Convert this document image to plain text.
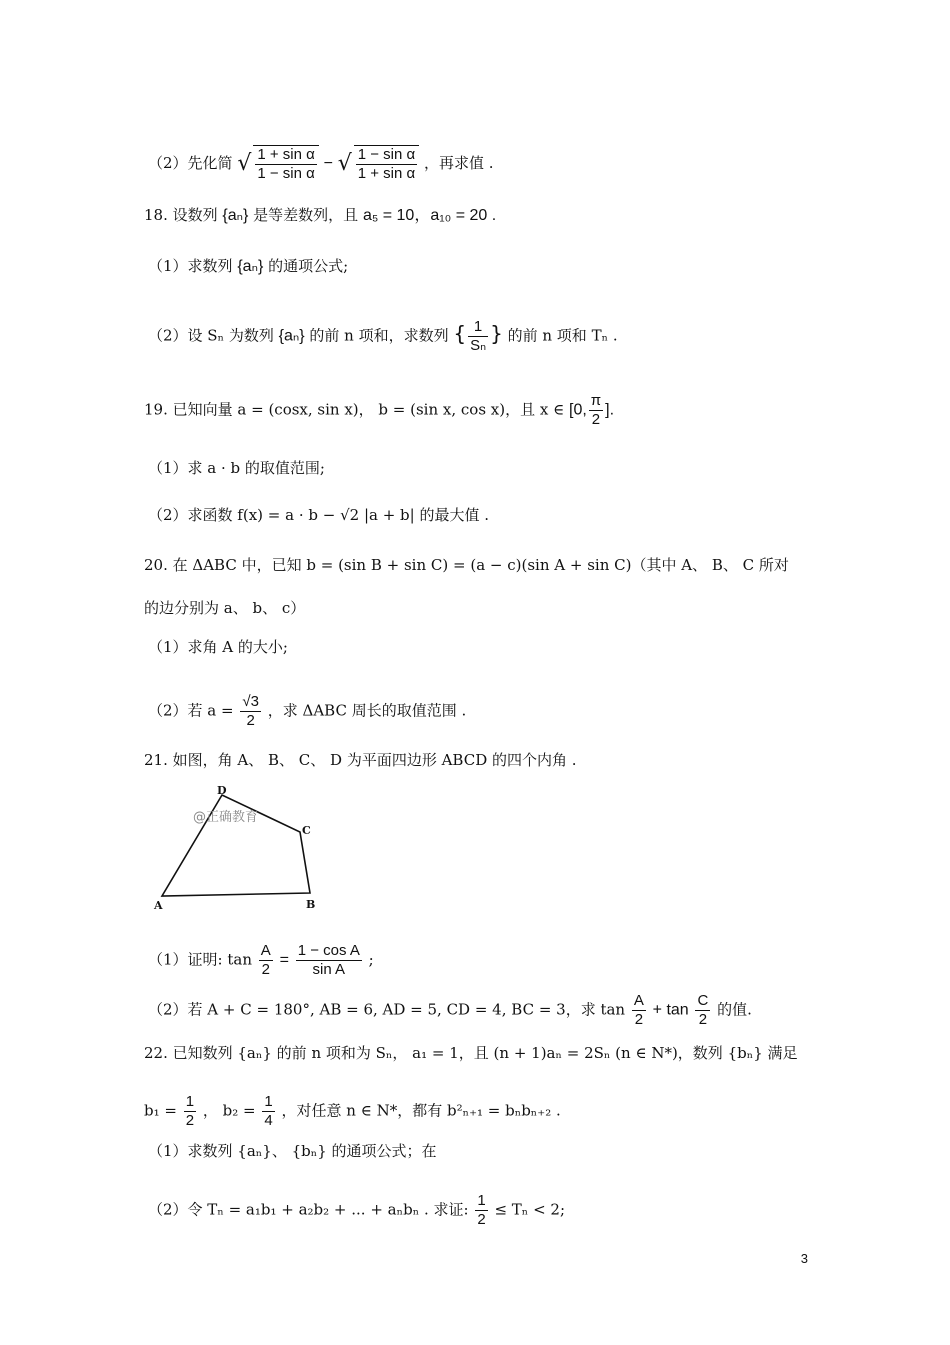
（2）先化简 √ $\frac{\text{1 + sin α}}{\text{1 − sin α}}$ − √ $\frac{\text{1 − sin α}}{\text{1 + sin α}}$ ，再求值 .
18. 设数列 {aₙ} 是等差数列，且 a₅ = 10，a₁₀ = 20 .
（1）求数列 {aₙ} 的通项公式;
（2）设 Sₙ 为数列 {aₙ} 的前 n 项和，求数列 { $\frac{1}{\text{Sₙ}}$ } 的前 n 项和 Tₙ .
19. 已知向量 a = (cosx, sin x)， b = (sin x, cos x)，且 x ∈ [0, $\frac{\pi}{2}$ ].
（1）求 a · b 的取值范围;
（2）求函数 f(x) = a · b − √2 |a + b| 的最大值 .
20. 在 ΔABC 中，已知 b = (sin B + sin C) = (a − c)(sin A + sin C)（其中 A、 B、 C 所对
的边分别为 a、 b、 c）
（1）求角 A 的大小;
（2）若 $a = \frac{√3}{2}$ ，求 ΔABC 周长的取值范围 .
21. 如图，角 A、 B、 C、 D 为平面四边形 ABCD 的四个内角 .
@正确教育
D
C
A	B
（1）证明: $\tan \frac{A}{2} = \frac{\text{1 − cos A}}{\text{sin A}}$ ;
（2）若 A + C = 180°, AB = 6, AD = 5, CD = 4, BC = 3，求 $\tan \frac{A}{2} + \tan \frac{C}{2}$ 的值.
22. 已知数列 {aₙ} 的前 n 项和为 Sₙ， a₁ = 1，且 (n + 1)aₙ = 2Sₙ (n ∈ N*)，数列 {bₙ} 满足
$b_1 = \frac{1}{2}$ ， $b_2 = \frac{1}{4}$ ，对任意 n ∈ N*，都有 b²ₙ₊₁ = bₙbₙ₊₂ .
（1）求数列 {aₙ}、 {bₙ} 的通项公式；在
（2）令 Tₙ = a₁b₁ + a₂b₂ + ... + aₙbₙ . 求证: $\frac{1}{2} \le T_n < 2$;
3
